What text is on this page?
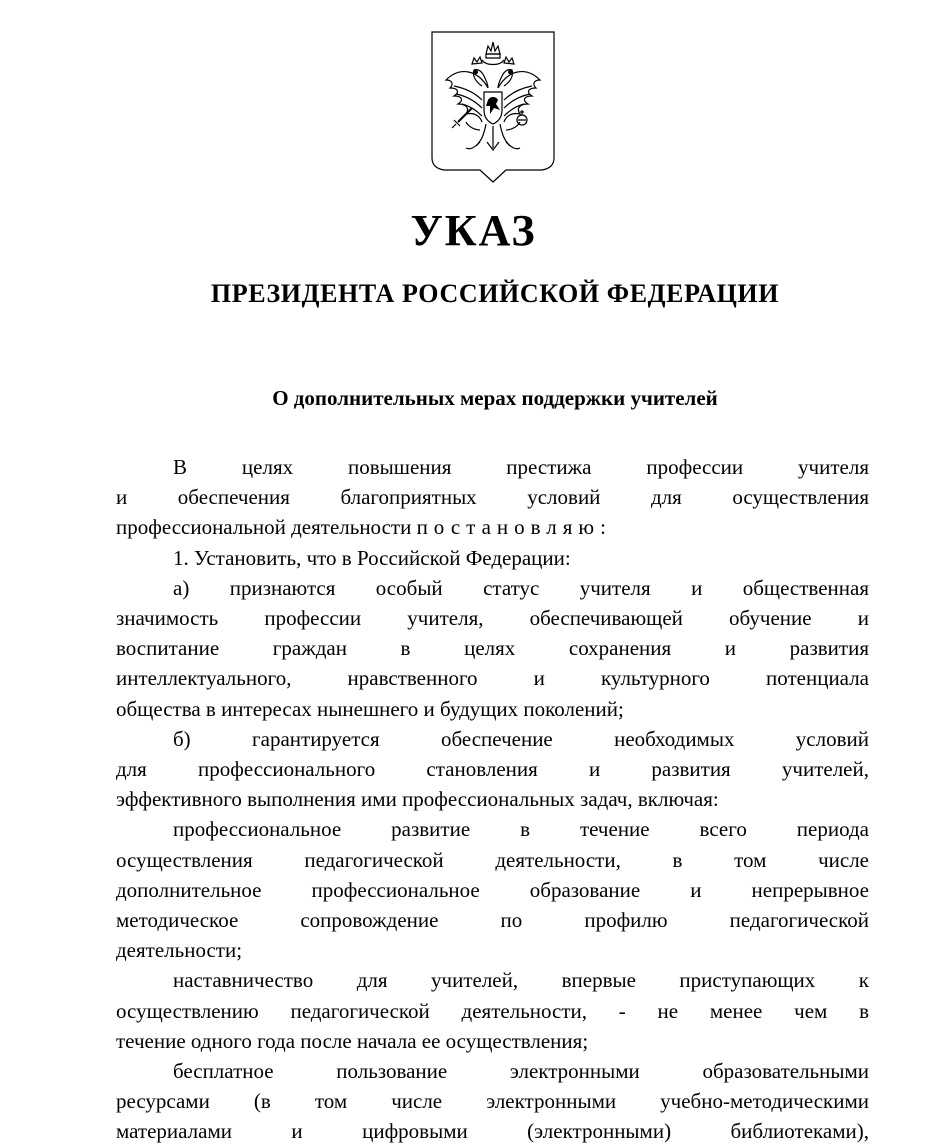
УКАЗ
ПРЕЗИДЕНТА РОССИЙСКОЙ ФЕДЕРАЦИИ
О дополнительных мерах поддержки учителей

В целях повышения престижа профессии учителя

и обеспечения благоприятных условий для осуществления

профессиональной деятельности постановляю:

1. Установить, что в Российской Федерации:

а) признаются особый статус учителя и общественная

значимость профессии учителя, обеспечивающей обучение и

воспитание граждан в целях сохранения и развития

интеллектуального, нравственного и культурного потенциала

общества в интересах нынешнего и будущих поколений;

б) гарантируется обеспечение необходимых условий

для профессионального становления и развития учителей,

эффективного выполнения ими профессиональных задач, включая:

профессиональное развитие в течение всего периода

осуществления педагогической деятельности, в том числе

дополнительное профессиональное образование и непрерывное

методическое сопровождение по профилю педагогической

деятельности;

наставничество для учителей, впервые приступающих к

осуществлению педагогической деятельности, - не менее чем в

течение одного года после начала ее осуществления;

бесплатное пользование электронными образовательными

ресурсами (в том числе электронными учебно-методическими

материалами и цифровыми (электронными) библиотеками),
